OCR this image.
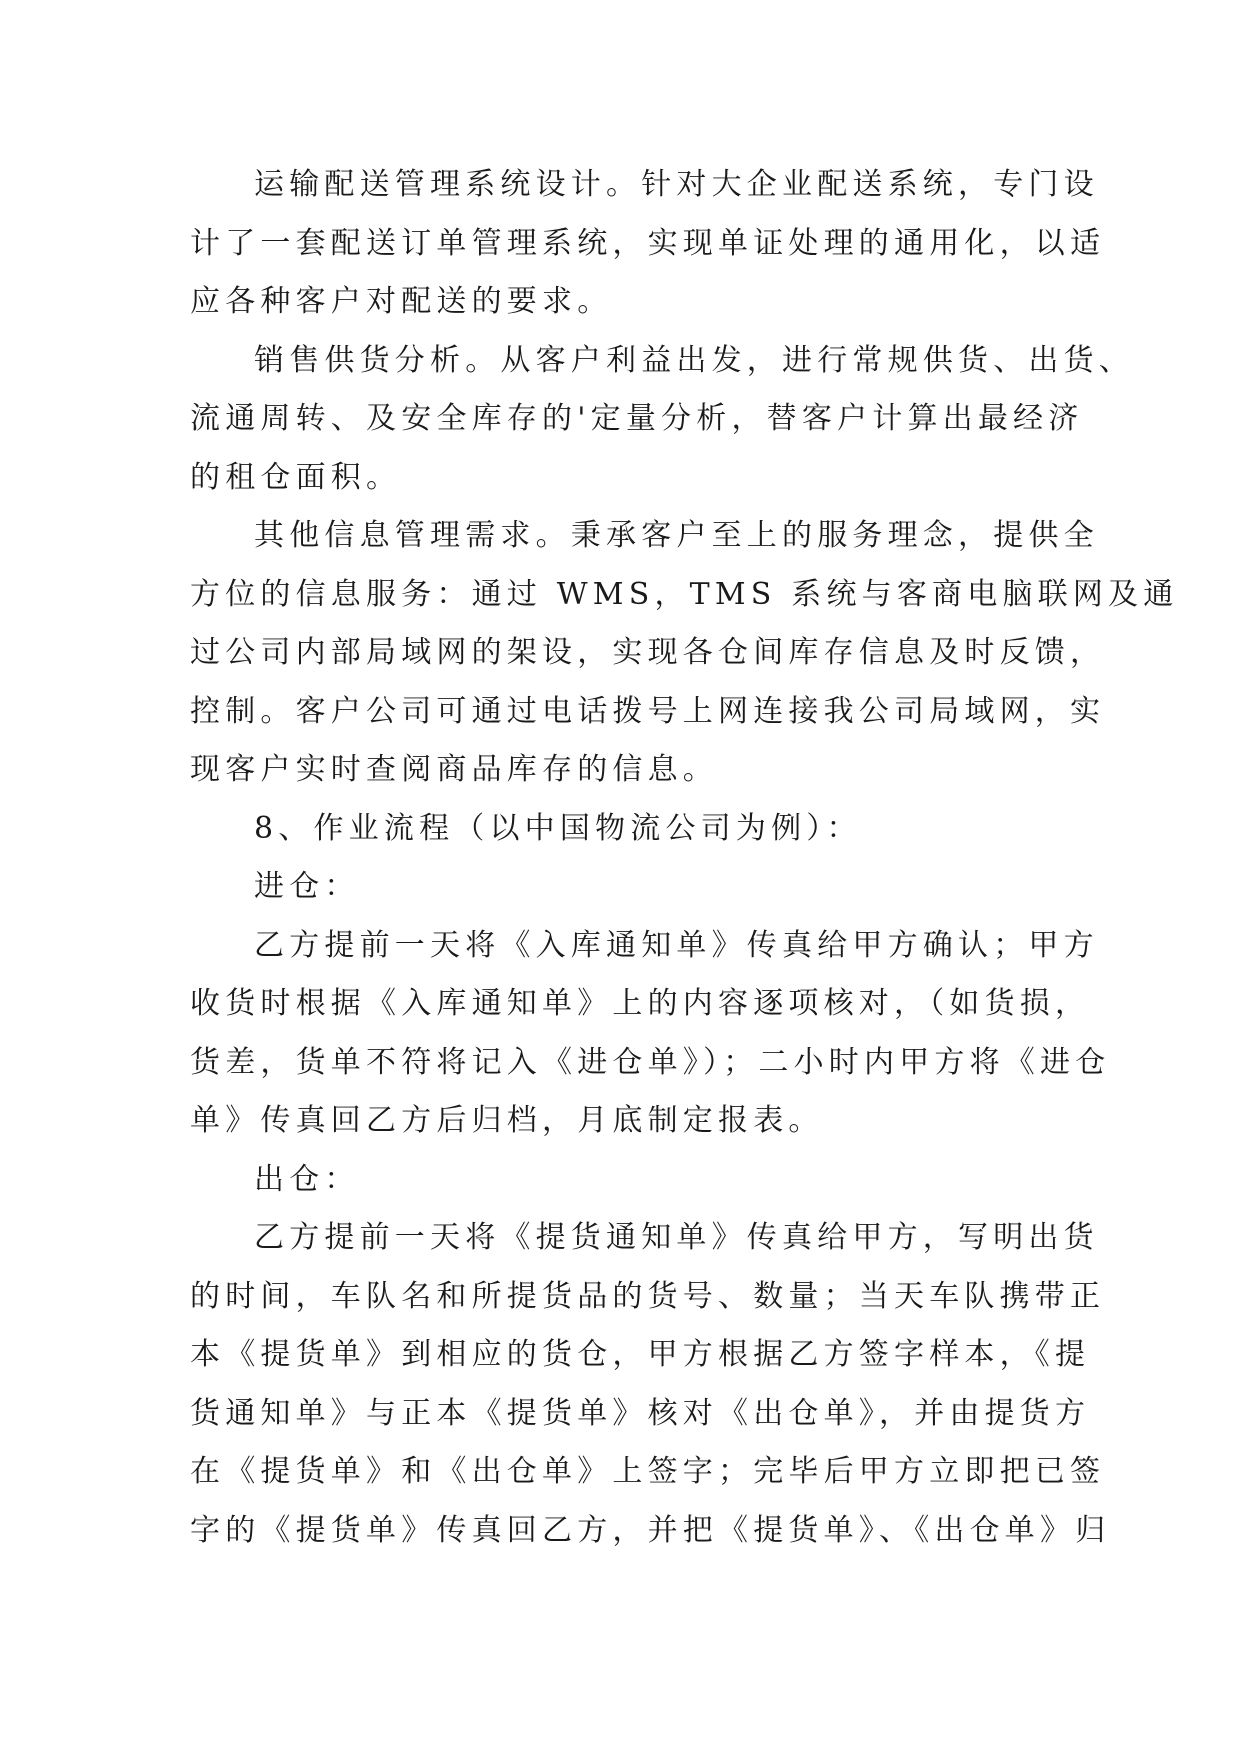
运输配送管理系统设计。针对大企业配送系统，专门设
计了一套配送订单管理系统，实现单证处理的通用化，以适
应各种客户对配送的要求。
销售供货分析。从客户利益出发，进行常规供货、出货、
流通周转、及安全库存的'定量分析，替客户计算出最经济
的租仓面积。
其他信息管理需求。秉承客户至上的服务理念，提供全
方位的信息服务：通过 WMS，TMS 系统与客商电脑联网及通
过公司内部局域网的架设，实现各仓间库存信息及时反馈，
控制。客户公司可通过电话拨号上网连接我公司局域网，实
现客户实时查阅商品库存的信息。
8、作业流程（以中国物流公司为例）：
进仓：
乙方提前一天将《入库通知单》传真给甲方确认；甲方
收货时根据《入库通知单》上的内容逐项核对，（如货损，
货差，货单不符将记入《进仓单》）；二小时内甲方将《进仓
单》传真回乙方后归档，月底制定报表。
出仓：
乙方提前一天将《提货通知单》传真给甲方，写明出货
的时间，车队名和所提货品的货号、数量；当天车队携带正
本《提货单》到相应的货仓，甲方根据乙方签字样本，《提
货通知单》与正本《提货单》核对《出仓单》，并由提货方
在《提货单》和《出仓单》上签字；完毕后甲方立即把已签
字的《提货单》传真回乙方，并把《提货单》、《出仓单》归
